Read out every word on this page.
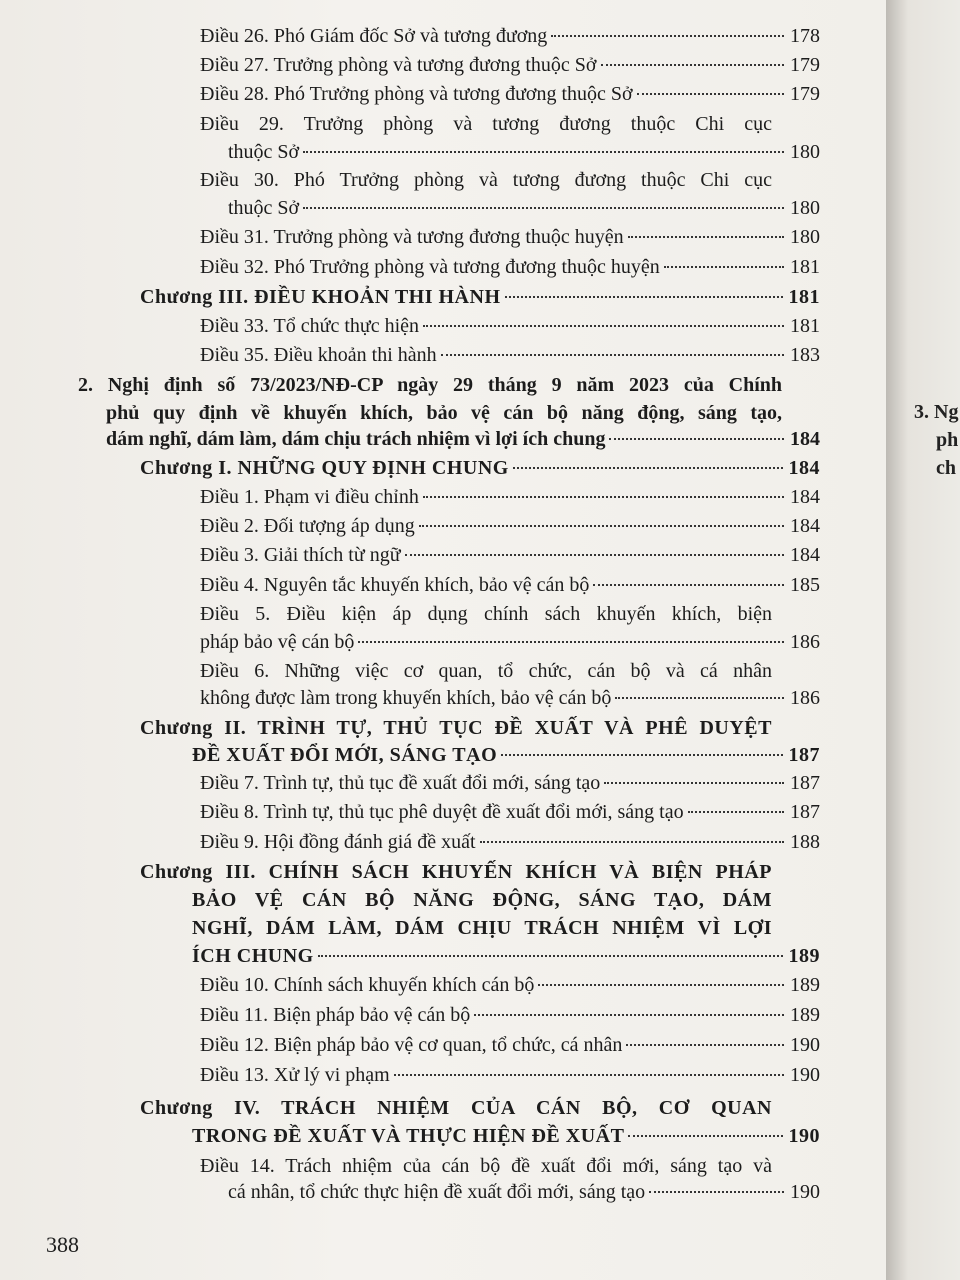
Điều 26. Phó Giám đốc Sở và tương đương	178
Điều 27. Trưởng phòng và tương đương thuộc Sở	179
Điều 28. Phó Trưởng phòng và tương đương thuộc Sở	179
Điều 29. Trưởng phòng và tương đương thuộc Chi cục
thuộc Sở	180
Điều 30. Phó Trưởng phòng và tương đương thuộc Chi cục
thuộc Sở	180
Điều 31. Trưởng phòng và tương đương thuộc huyện	180
Điều 32. Phó Trưởng phòng và tương đương thuộc huyện	181
Chương III. ĐIỀU KHOẢN THI HÀNH	181
Điều 33. Tổ chức thực hiện	181
Điều 35. Điều khoản thi hành	183
2. Nghị định số 73/2023/NĐ-CP ngày 29 tháng 9 năm 2023 của Chính
phủ quy định về khuyến khích, bảo vệ cán bộ năng động, sáng tạo,
dám nghĩ, dám làm, dám chịu trách nhiệm vì lợi ích chung	184
Chương I. NHỮNG QUY ĐỊNH CHUNG	184
Điều 1. Phạm vi điều chỉnh	184
Điều 2. Đối tượng áp dụng	184
Điều 3. Giải thích từ ngữ	184
Điều 4. Nguyên tắc khuyến khích, bảo vệ cán bộ	185
Điều 5. Điều kiện áp dụng chính sách khuyến khích, biện
pháp bảo vệ cán bộ	186
Điều 6. Những việc cơ quan, tổ chức, cán bộ và cá nhân
không được làm trong khuyến khích, bảo vệ cán bộ	186
Chương II. TRÌNH TỰ, THỦ TỤC ĐỀ XUẤT VÀ PHÊ DUYỆT
ĐỀ XUẤT ĐỔI MỚI, SÁNG TẠO	187
Điều 7. Trình tự, thủ tục đề xuất đổi mới, sáng tạo	187
Điều 8. Trình tự, thủ tục phê duyệt đề xuất đổi mới, sáng tạo	187
Điều 9. Hội đồng đánh giá đề xuất	188
Chương III. CHÍNH SÁCH KHUYẾN KHÍCH VÀ BIỆN PHÁP
BẢO VỆ CÁN BỘ NĂNG ĐỘNG, SÁNG TẠO, DÁM
NGHĨ, DÁM LÀM, DÁM CHỊU TRÁCH NHIỆM VÌ LỢI
ÍCH CHUNG	189
Điều 10. Chính sách khuyến khích cán bộ	189
Điều 11. Biện pháp bảo vệ cán bộ	189
Điều 12. Biện pháp bảo vệ cơ quan, tổ chức, cá nhân	190
Điều 13. Xử lý vi phạm	190
Chương IV. TRÁCH NHIỆM CỦA CÁN BỘ, CƠ QUAN
TRONG ĐỀ XUẤT VÀ THỰC HIỆN ĐỀ XUẤT	190
Điều 14. Trách nhiệm của cán bộ đề xuất đổi mới, sáng tạo và
cá nhân, tổ chức thực hiện đề xuất đổi mới, sáng tạo	190
388
3. Ng
ph
ch
